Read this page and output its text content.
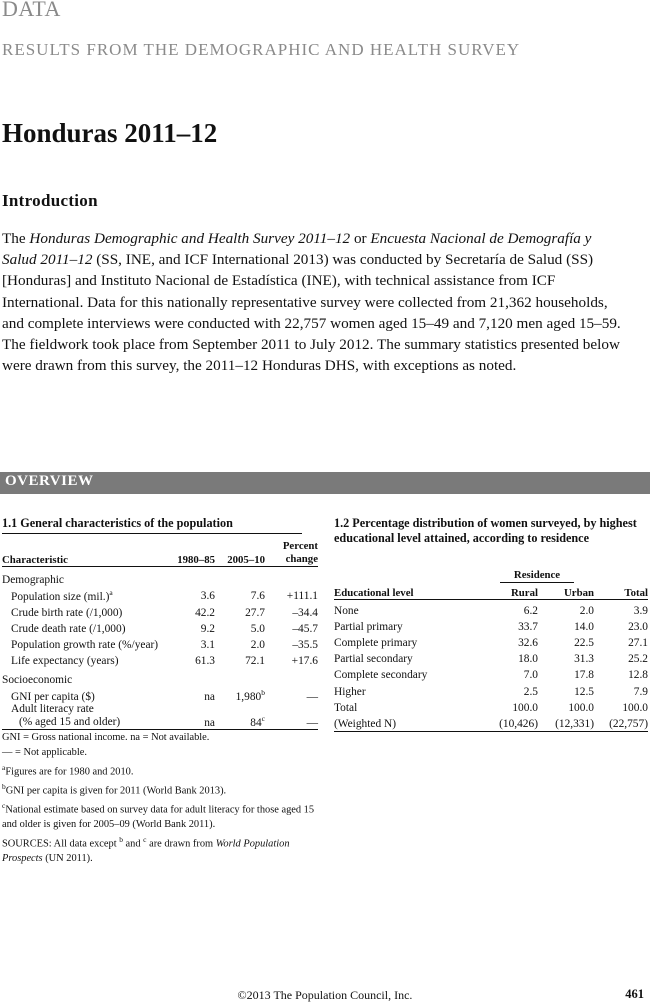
DATA
RESULTS FROM THE DEMOGRAPHIC AND HEALTH SURVEY
Honduras 2011–12
Introduction
The Honduras Demographic and Health Survey 2011–12 or Encuesta Nacional de Demografía y Salud 2011–12 (SS, INE, and ICF International 2013) was conducted by Secretaría de Salud (SS) [Honduras] and Instituto Nacional de Estadística (INE), with technical assistance from ICF International. Data for this nationally representative survey were collected from 21,362 households, and complete interviews were conducted with 22,757 women aged 15–49 and 7,120 men aged 15–59. The fieldwork took place from September 2011 to July 2012. The summary statistics presented below were drawn from this survey, the 2011–12 Honduras DHS, with exceptions as noted.
OVERVIEW
1.1 General characteristics of the population
Characteristic	1980–85	2005–10	Percent
change
Demographic			
Population size $(mil.)^a$	3.6	7.6	+111.1
Crude birth rate (/1,000)	42.2	27.7	–34.4
Crude death rate (/1,000)	9.2	5.0	–45.7
Population growth rate (%/year)	3.1	2.0	–35.5
Life expectancy (years)	61.3	72.1	+17.6
Socioeconomic			
GNI per capita ($)	na	1,980$^b$	—
Adult literacy rate
(% aged 15 and older)	na	84$^c$	—
GNI = Gross national income. na = Not available.
— = Not applicable.
$^a$Figures are for 1980 and 2010.
$^b$GNI per capita is given for 2011 (World Bank 2013).
$^c$National estimate based on survey data for adult literacy for those aged 15 and older is given for 2005–09 (World Bank 2011).
SOURCES: All data except $^b$ and $^c$ are drawn from World Population Prospects (UN 2011).
1.2 Percentage distribution of women surveyed, by highest educational level attained, according to residence
	Residence		
Educational level	Rural	Urban	Total
None	6.2	2.0	3.9
Partial primary	33.7	14.0	23.0
Complete primary	32.6	22.5	27.1
Partial secondary	18.0	31.3	25.2
Complete secondary	7.0	17.8	12.8
Higher	2.5	12.5	7.9
Total	100.0	100.0	100.0
(Weighted N)	(10,426)	(12,331)	(22,757)
©2013 The Population Council, Inc.	461
